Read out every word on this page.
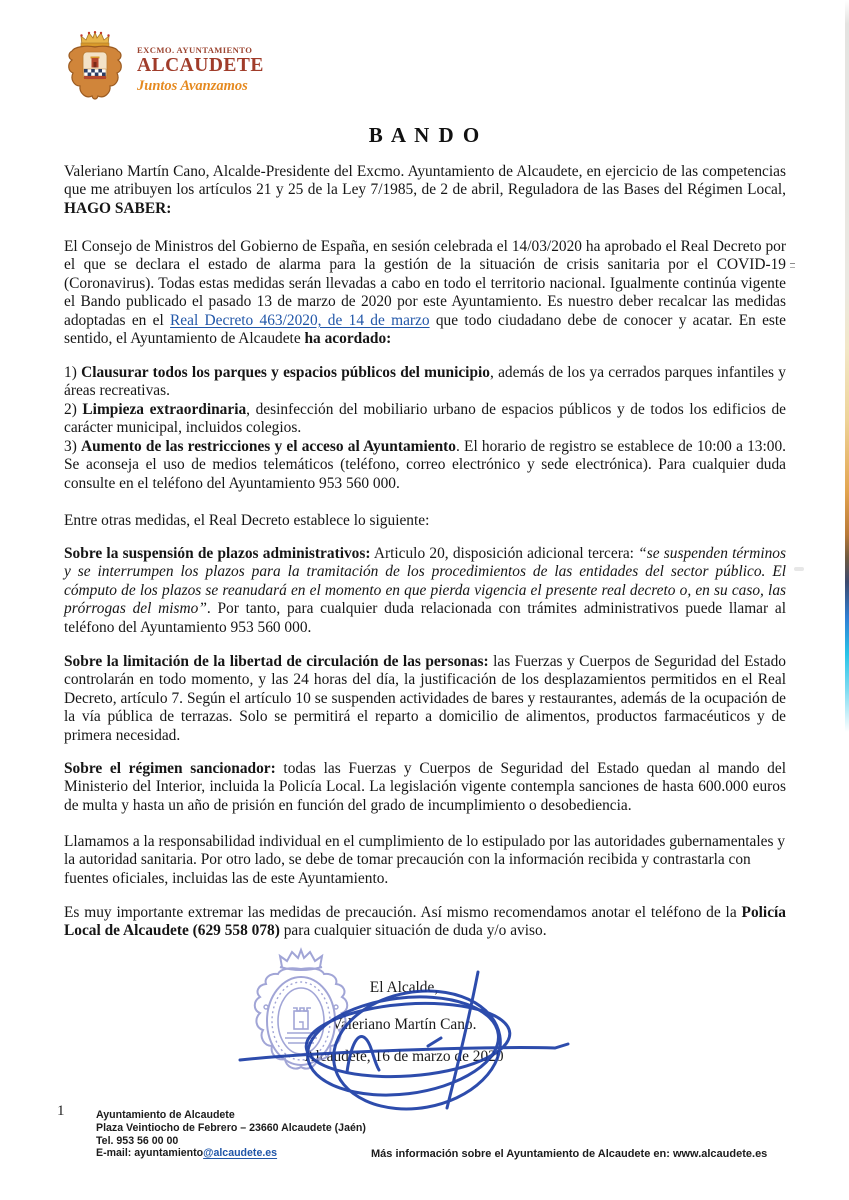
EXCMO. AYUNTAMIENTO
ALCAUDETE
Juntos Avanzamos
B A N D O
Valeriano Martín Cano, Alcalde-Presidente del Excmo. Ayuntamiento de Alcaudete, en ejercicio de las competencias que me atribuyen los artículos 21 y 25 de la Ley 7/1985, de 2 de abril, Reguladora de las Bases del Régimen Local, HAGO SABER:
El Consejo de Ministros del Gobierno de España, en sesión celebrada el 14/03/2020 ha aprobado el Real Decreto por el que se declara el estado de alarma para la gestión de la situación de crisis sanitaria por el COVID-19 (Coronavirus). Todas estas medidas serán llevadas a cabo en todo el territorio nacional. Igualmente continúa vigente el Bando publicado el pasado 13 de marzo de 2020 por este Ayuntamiento. Es nuestro deber recalcar las medidas adoptadas en el Real Decreto 463/2020, de 14 de marzo que todo ciudadano debe de conocer y acatar. En este sentido, el Ayuntamiento de Alcaudete ha acordado:

1) Clausurar todos los parques y espacios públicos del municipio, además de los ya cerrados parques infantiles y áreas recreativas.

2) Limpieza extraordinaria, desinfección del mobiliario urbano de espacios públicos y de todos los edificios de carácter municipal, incluidos colegios.

3) Aumento de las restricciones y el acceso al Ayuntamiento. El horario de registro se establece de 10:00 a 13:00. Se aconseja el uso de medios telemáticos (teléfono, correo electrónico y sede electrónica). Para cualquier duda consulte en el teléfono del Ayuntamiento 953 560 000.

Entre otras medidas, el Real Decreto establece lo siguiente:
Sobre la suspensión de plazos administrativos: Articulo 20, disposición adicional tercera: “se suspenden términos y se interrumpen los plazos para la tramitación de los procedimientos de las entidades del sector público. El cómputo de los plazos se reanudará en el momento en que pierda vigencia el presente real decreto o, en su caso, las prórrogas del mismo”. Por tanto, para cualquier duda relacionada con trámites administrativos puede llamar al teléfono del Ayuntamiento 953 560 000.
Sobre la limitación de la libertad de circulación de las personas: las Fuerzas y Cuerpos de Seguridad del Estado controlarán en todo momento, y las 24 horas del día, la justificación de los desplazamientos permitidos en el Real Decreto, artículo 7. Según el artículo 10 se suspenden actividades de bares y restaurantes, además de la ocupación de la vía pública de terrazas. Solo se permitirá el reparto a domicilio de alimentos, productos farmacéuticos y de primera necesidad.
Sobre el régimen sancionador: todas las Fuerzas y Cuerpos de Seguridad del Estado quedan al mando del Ministerio del Interior, incluida la Policía Local. La legislación vigente contempla sanciones de hasta 600.000 euros de multa y hasta un año de prisión en función del grado de incumplimiento o desobediencia.
Llamamos a la responsabilidad individual en el cumplimiento de lo estipulado por las autoridades gubernamentales y la autoridad sanitaria. Por otro lado, se debe de tomar precaución con la información recibida y contrastarla con fuentes oficiales, incluidas las de este Ayuntamiento.
Es muy importante extremar las medidas de precaución. Así mismo recomendamos anotar el teléfono de la Policía Local de Alcaudete (629 558 078) para cualquier situación de duda y/o aviso.
El Alcalde,
Valeriano Martín Cano.
Alcaudete, 16 de marzo de 2020
1	Ayuntamiento de Alcaudete
Plaza Veintiocho de Febrero – 23660 Alcaudete (Jaén)
Tel. 953 56 00 00
E-mail: ayuntamiento@alcaudete.es	Más información sobre el Ayuntamiento de Alcaudete en: www.alcaudete.es
